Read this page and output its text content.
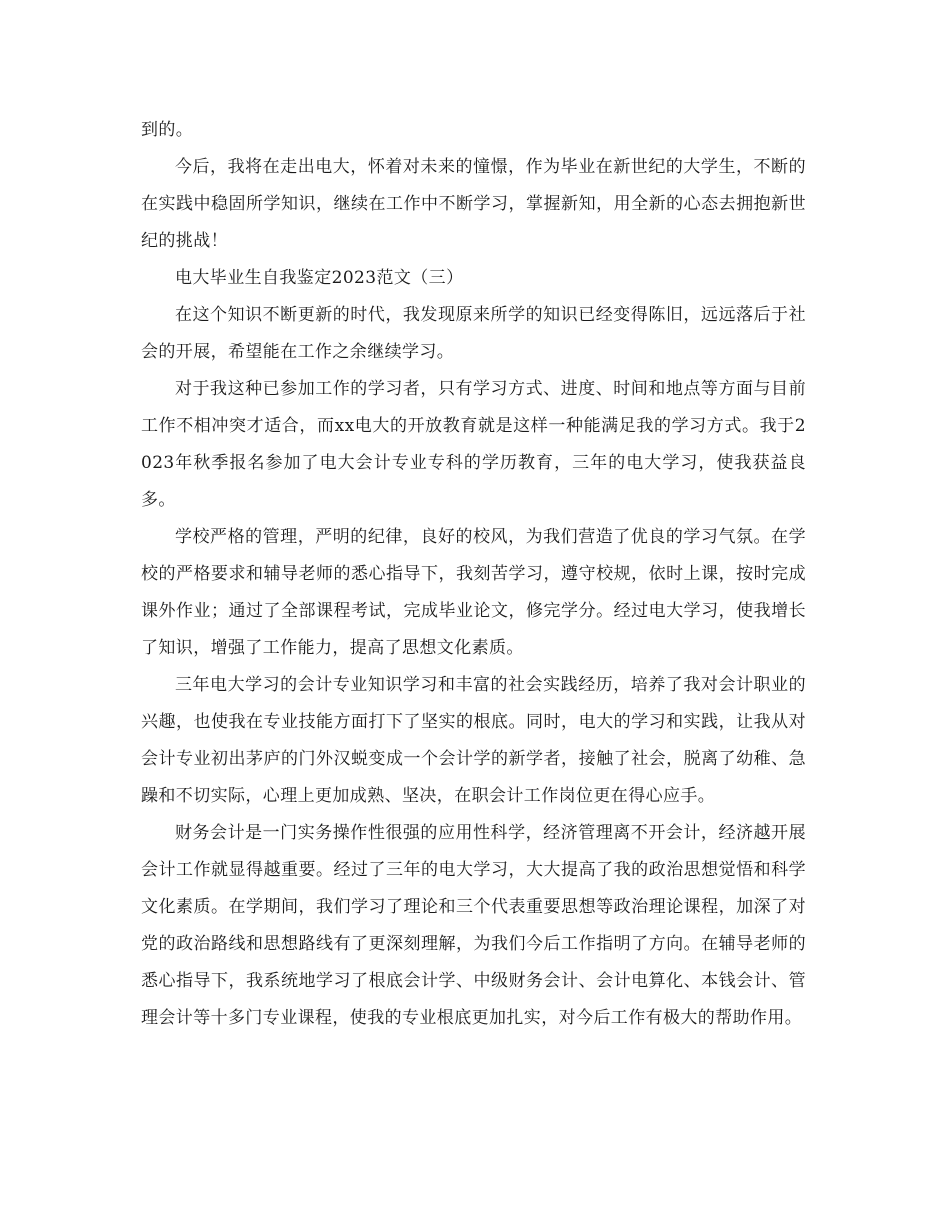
到的。

今后，我将在走出电大，怀着对未来的憧憬，作为毕业在新世纪的大学生，不断的在实践中稳固所学知识，继续在工作中不断学习，掌握新知，用全新的心态去拥抱新世纪的挑战！

电大毕业生自我鉴定2023范文（三）

在这个知识不断更新的时代，我发现原来所学的知识已经变得陈旧，远远落后于社会的开展，希望能在工作之余继续学习。

对于我这种已参加工作的学习者，只有学习方式、进度、时间和地点等方面与目前工作不相冲突才适合，而xx电大的开放教育就是这样一种能满足我的学习方式。我于2023年秋季报名参加了电大会计专业专科的学历教育，三年的电大学习，使我获益良多。

学校严格的管理，严明的纪律，良好的校风，为我们营造了优良的学习气氛。在学校的严格要求和辅导老师的悉心指导下，我刻苦学习，遵守校规，依时上课，按时完成课外作业；通过了全部课程考试，完成毕业论文，修完学分。经过电大学习，使我增长了知识，增强了工作能力，提高了思想文化素质。

三年电大学习的会计专业知识学习和丰富的社会实践经历，培养了我对会计职业的兴趣，也使我在专业技能方面打下了坚实的根底。同时，电大的学习和实践，让我从对会计专业初出茅庐的门外汉蜕变成一个会计学的新学者，接触了社会，脱离了幼稚、急躁和不切实际，心理上更加成熟、坚决，在职会计工作岗位更在得心应手。

财务会计是一门实务操作性很强的应用性科学，经济管理离不开会计，经济越开展会计工作就显得越重要。经过了三年的电大学习，大大提高了我的政治思想觉悟和科学文化素质。在学期间，我们学习了理论和三个代表重要思想等政治理论课程，加深了对党的政治路线和思想路线有了更深刻理解，为我们今后工作指明了方向。在辅导老师的悉心指导下，我系统地学习了根底会计学、中级财务会计、会计电算化、本钱会计、管理会计等十多门专业课程，使我的专业根底更加扎实，对今后工作有极大的帮助作用。
